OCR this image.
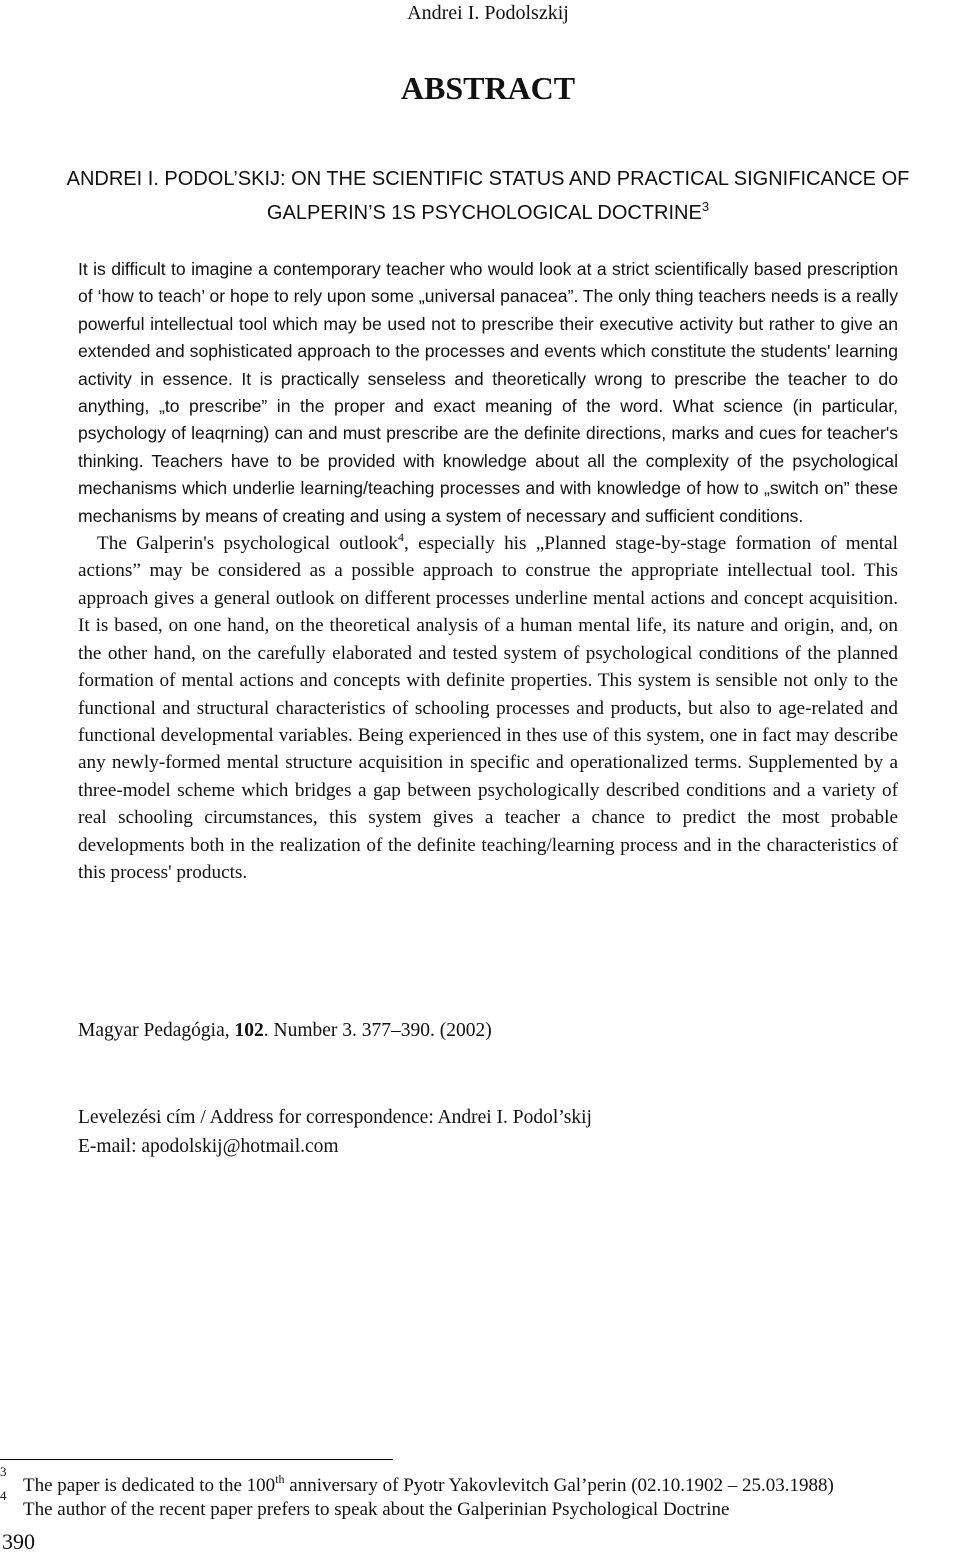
Andrei I. Podolszkij
ABSTRACT
ANDREI I. PODOL’SKIJ: ON THE SCIENTIFIC STATUS AND PRACTICAL SIGNIFICANCE OF
GALPERIN’S 1S PSYCHOLOGICAL DOCTRINE$^3$

It is difficult to imagine a contemporary teacher who would look at a strict scientifically based prescription of ‘how to teach’ or hope to rely upon some „universal panacea”. The only thing teachers needs is a really powerful intellectual tool which may be used not to prescribe their executive activity but rather to give an extended and sophisticated approach to the processes and events which constitute the students' learning activity in essence. It is practically senseless and theoretically wrong to prescribe the teacher to do anything, „to prescribe” in the proper and exact meaning of the word. What science (in particular, psychology of leaqrning) can and must prescribe are the definite directions, marks and cues for teacher's thinking. Teachers have to be provided with knowledge about all the complexity of the psychological mechanisms which underlie learning/teaching processes and with knowledge of how to „switch on” these mechanisms by means of creating and using a system of necessary and sufficient conditions.

The Galperin's psychological outlook$^4$, especially his „Planned stage-by-stage formation of mental actions” may be considered as a possible approach to construe the appropriate intellectual tool. This approach gives a general outlook on different processes underline mental actions and concept acquisition. It is based, on one hand, on the theoretical analysis of a human mental life, its nature and origin, and, on the other hand, on the carefully elaborated and tested system of psychological conditions of the planned formation of mental actions and concepts with definite properties. This system is sensible not only to the functional and structural characteristics of schooling processes and products, but also to age-related and functional developmental variables. Being experienced in thes use of this system, one in fact may describe any newly-formed mental structure acquisition in specific and operationalized terms. Supplemented by a three-model scheme which bridges a gap between psychologically described conditions and a variety of real schooling circumstances, this system gives a teacher a chance to predict the most probable developments both in the realization of the definite teaching/learning process and in the characteristics of this process' products.

Magyar Pedagógia, 102. Number 3. 377–390. (2002)
Levelezési cím / Address for correspondence: Andrei I. Podol’skij
E-mail: apodolskij@hotmail.com
3
The paper is dedicated to the 100th anniversary of Pyotr Yakovlevitch Gal’perin (02.10.1902 – 25.03.1988)
4
The author of the recent paper prefers to speak about the Galperinian Psychological Doctrine
390
